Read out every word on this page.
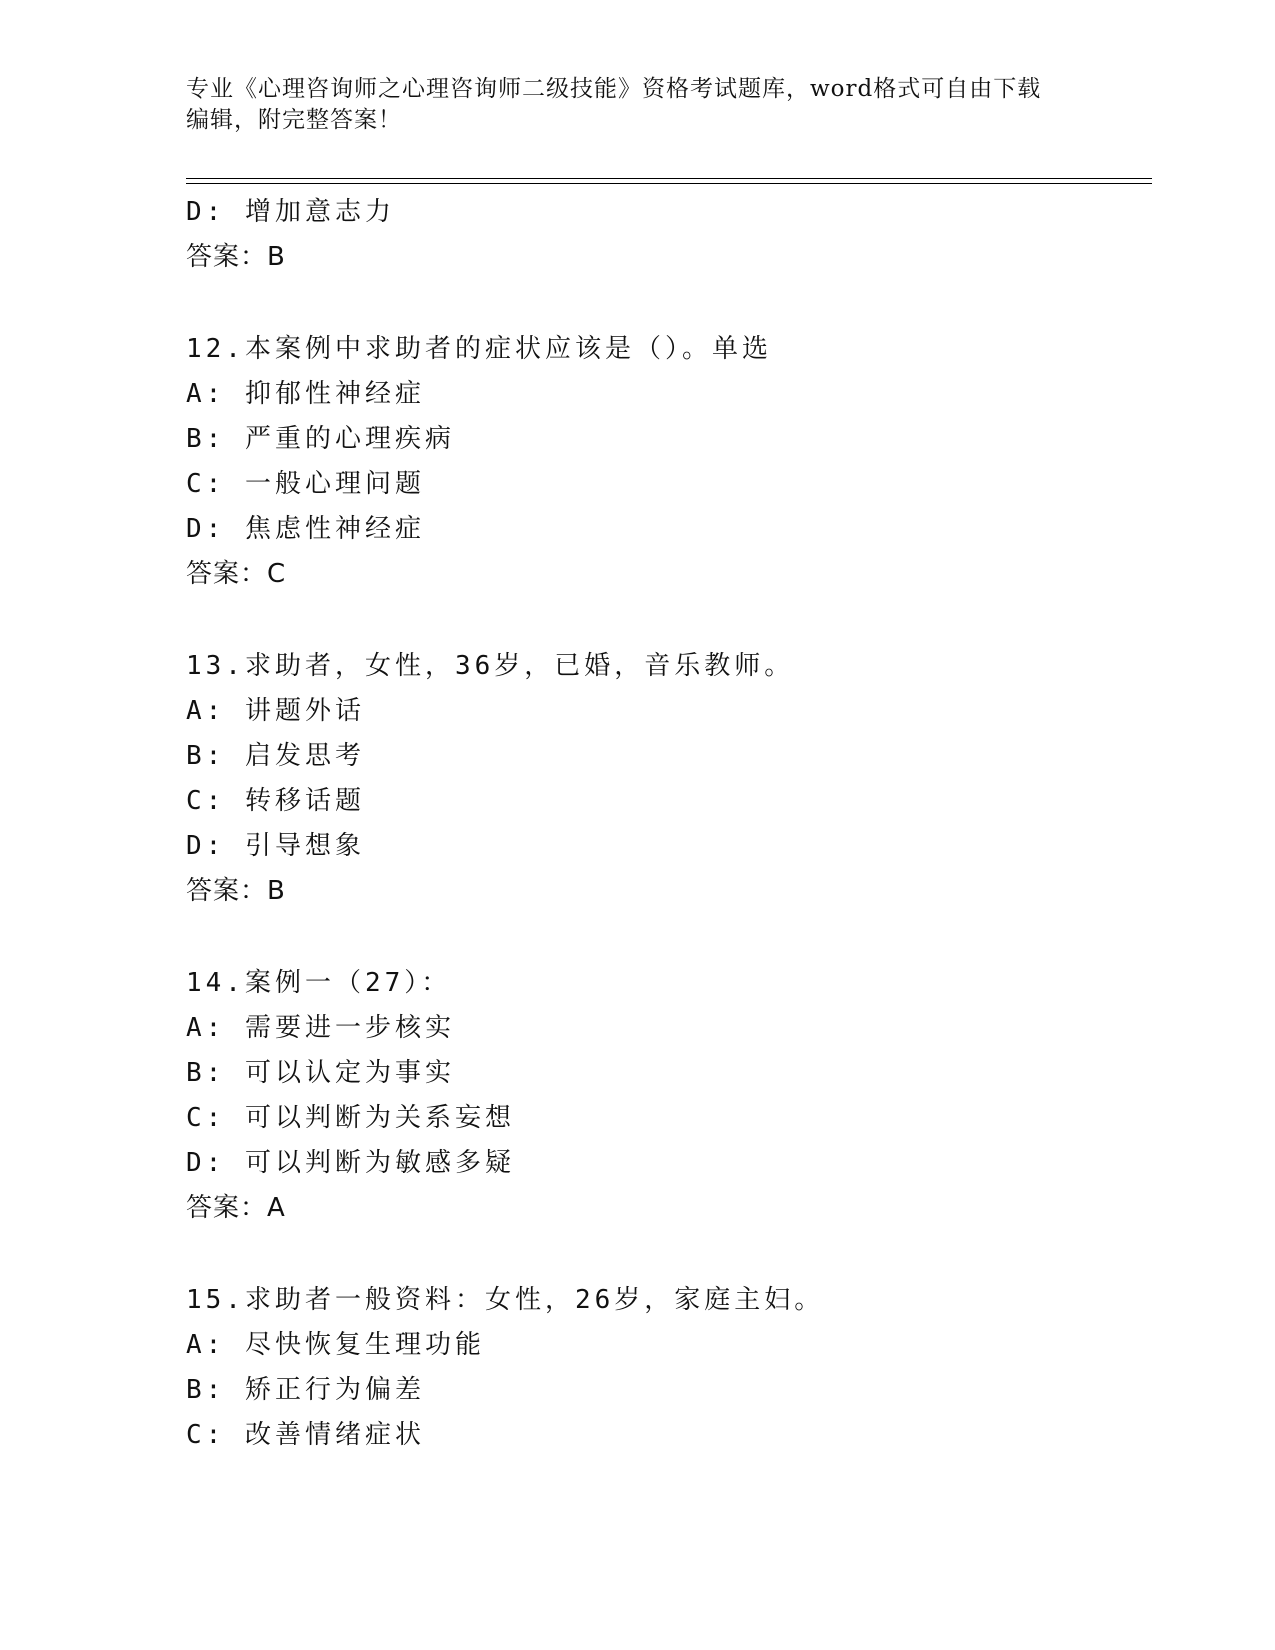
专业《心理咨询师之心理咨询师二级技能》资格考试题库，word格式可自由下载
编辑，附完整答案！
D: 增加意志力
答案：B
12.本案例中求助者的症状应该是（）。单选
A: 抑郁性神经症
B: 严重的心理疾病
C: 一般心理问题
D: 焦虑性神经症
答案：C
13.求助者，女性，36岁，已婚，音乐教师。
A: 讲题外话
B: 启发思考
C: 转移话题
D: 引导想象
答案：B
14.案例一（27）：
A: 需要进一步核实
B: 可以认定为事实
C: 可以判断为关系妄想
D: 可以判断为敏感多疑
答案：A
15.求助者一般资料：女性，26岁，家庭主妇。
A: 尽快恢复生理功能
B: 矫正行为偏差
C: 改善情绪症状
